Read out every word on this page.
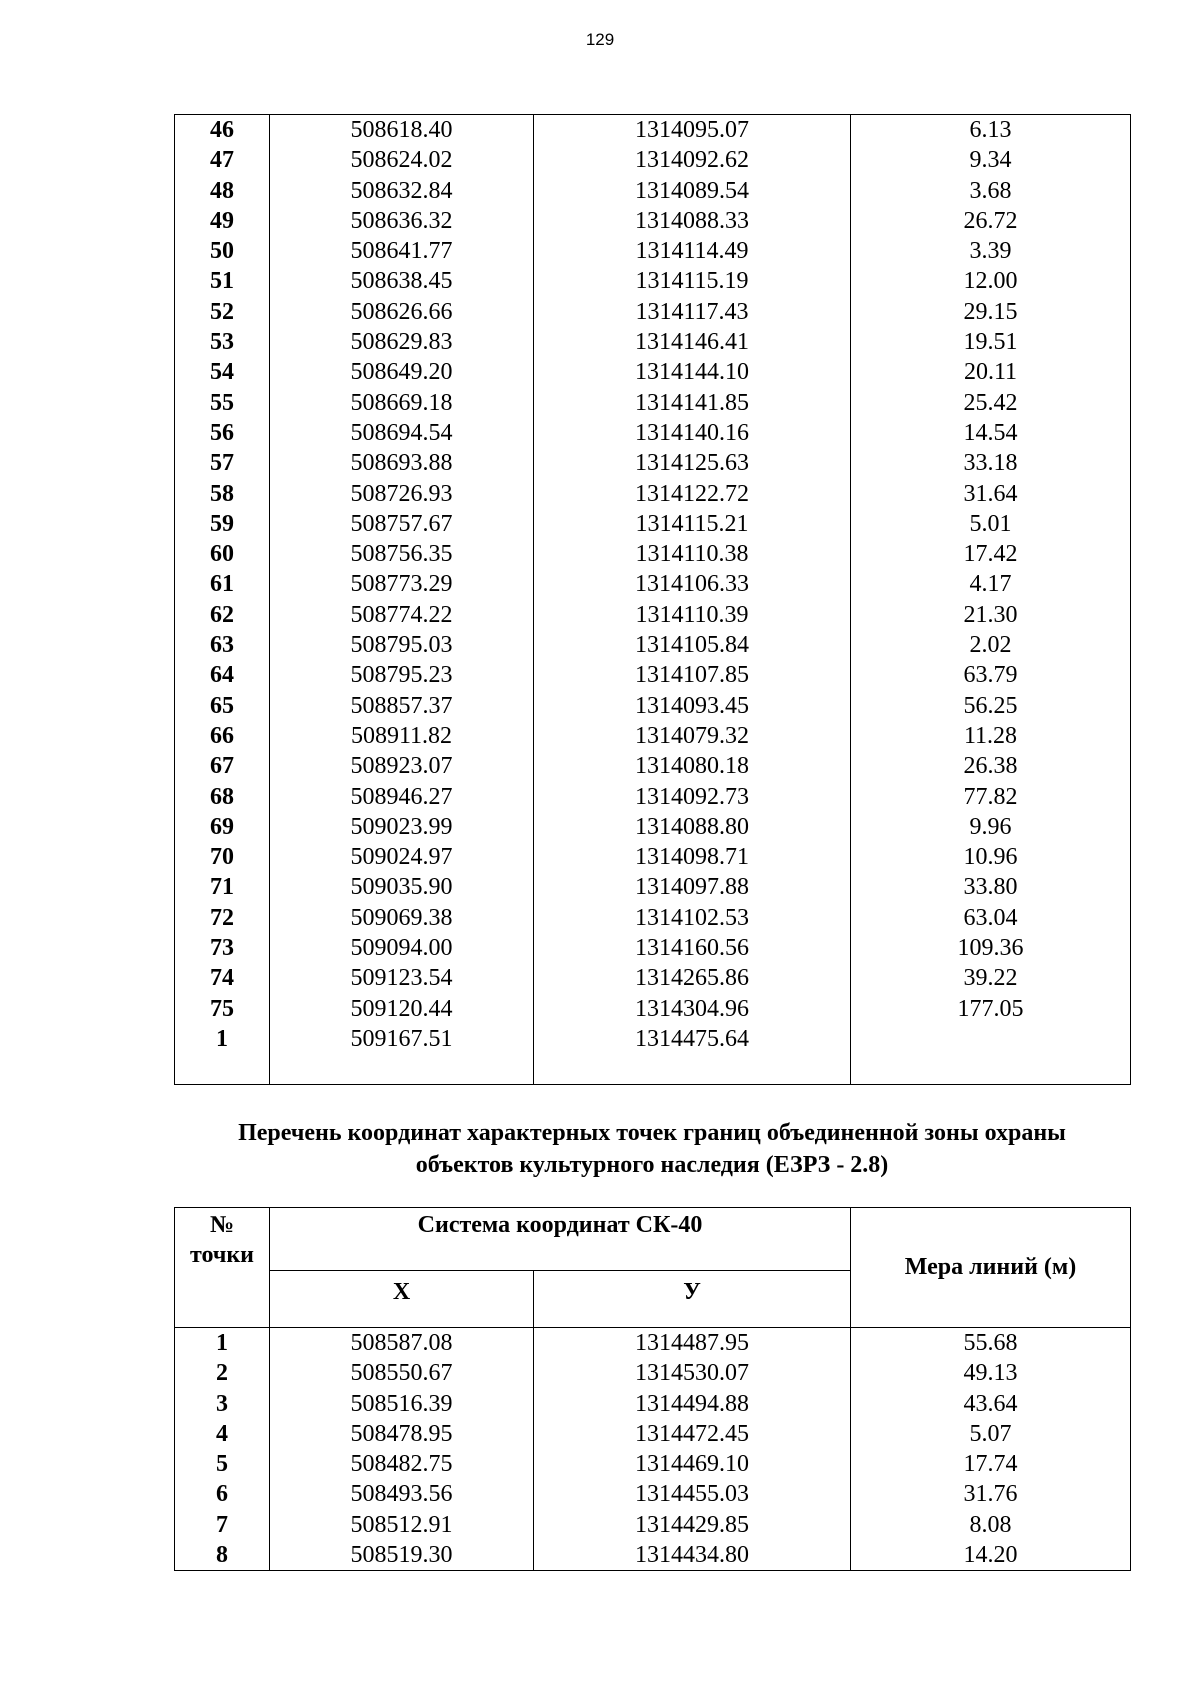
129
46	508618.40	1314095.07	6.13
47	508624.02	1314092.62	9.34
48	508632.84	1314089.54	3.68
49	508636.32	1314088.33	26.72
50	508641.77	1314114.49	3.39
51	508638.45	1314115.19	12.00
52	508626.66	1314117.43	29.15
53	508629.83	1314146.41	19.51
54	508649.20	1314144.10	20.11
55	508669.18	1314141.85	25.42
56	508694.54	1314140.16	14.54
57	508693.88	1314125.63	33.18
58	508726.93	1314122.72	31.64
59	508757.67	1314115.21	5.01
60	508756.35	1314110.38	17.42
61	508773.29	1314106.33	4.17
62	508774.22	1314110.39	21.30
63	508795.03	1314105.84	2.02
64	508795.23	1314107.85	63.79
65	508857.37	1314093.45	56.25
66	508911.82	1314079.32	11.28
67	508923.07	1314080.18	26.38
68	508946.27	1314092.73	77.82
69	509023.99	1314088.80	9.96
70	509024.97	1314098.71	10.96
71	509035.90	1314097.88	33.80
72	509069.38	1314102.53	63.04
73	509094.00	1314160.56	109.36
74	509123.54	1314265.86	39.22
75	509120.44	1314304.96	177.05
1	509167.51	1314475.64	

Перечень координат характерных точек границ объединенной зоны охраны
объектов культурного наследия (ЕЗРЗ - 2.8)
№
точки	Система координат СК-40		Мера линий (м)
	X	У	
1	508587.08	1314487.95	55.68
2	508550.67	1314530.07	49.13
3	508516.39	1314494.88	43.64
4	508478.95	1314472.45	5.07
5	508482.75	1314469.10	17.74
6	508493.56	1314455.03	31.76
7	508512.91	1314429.85	8.08
8	508519.30	1314434.80	14.20
